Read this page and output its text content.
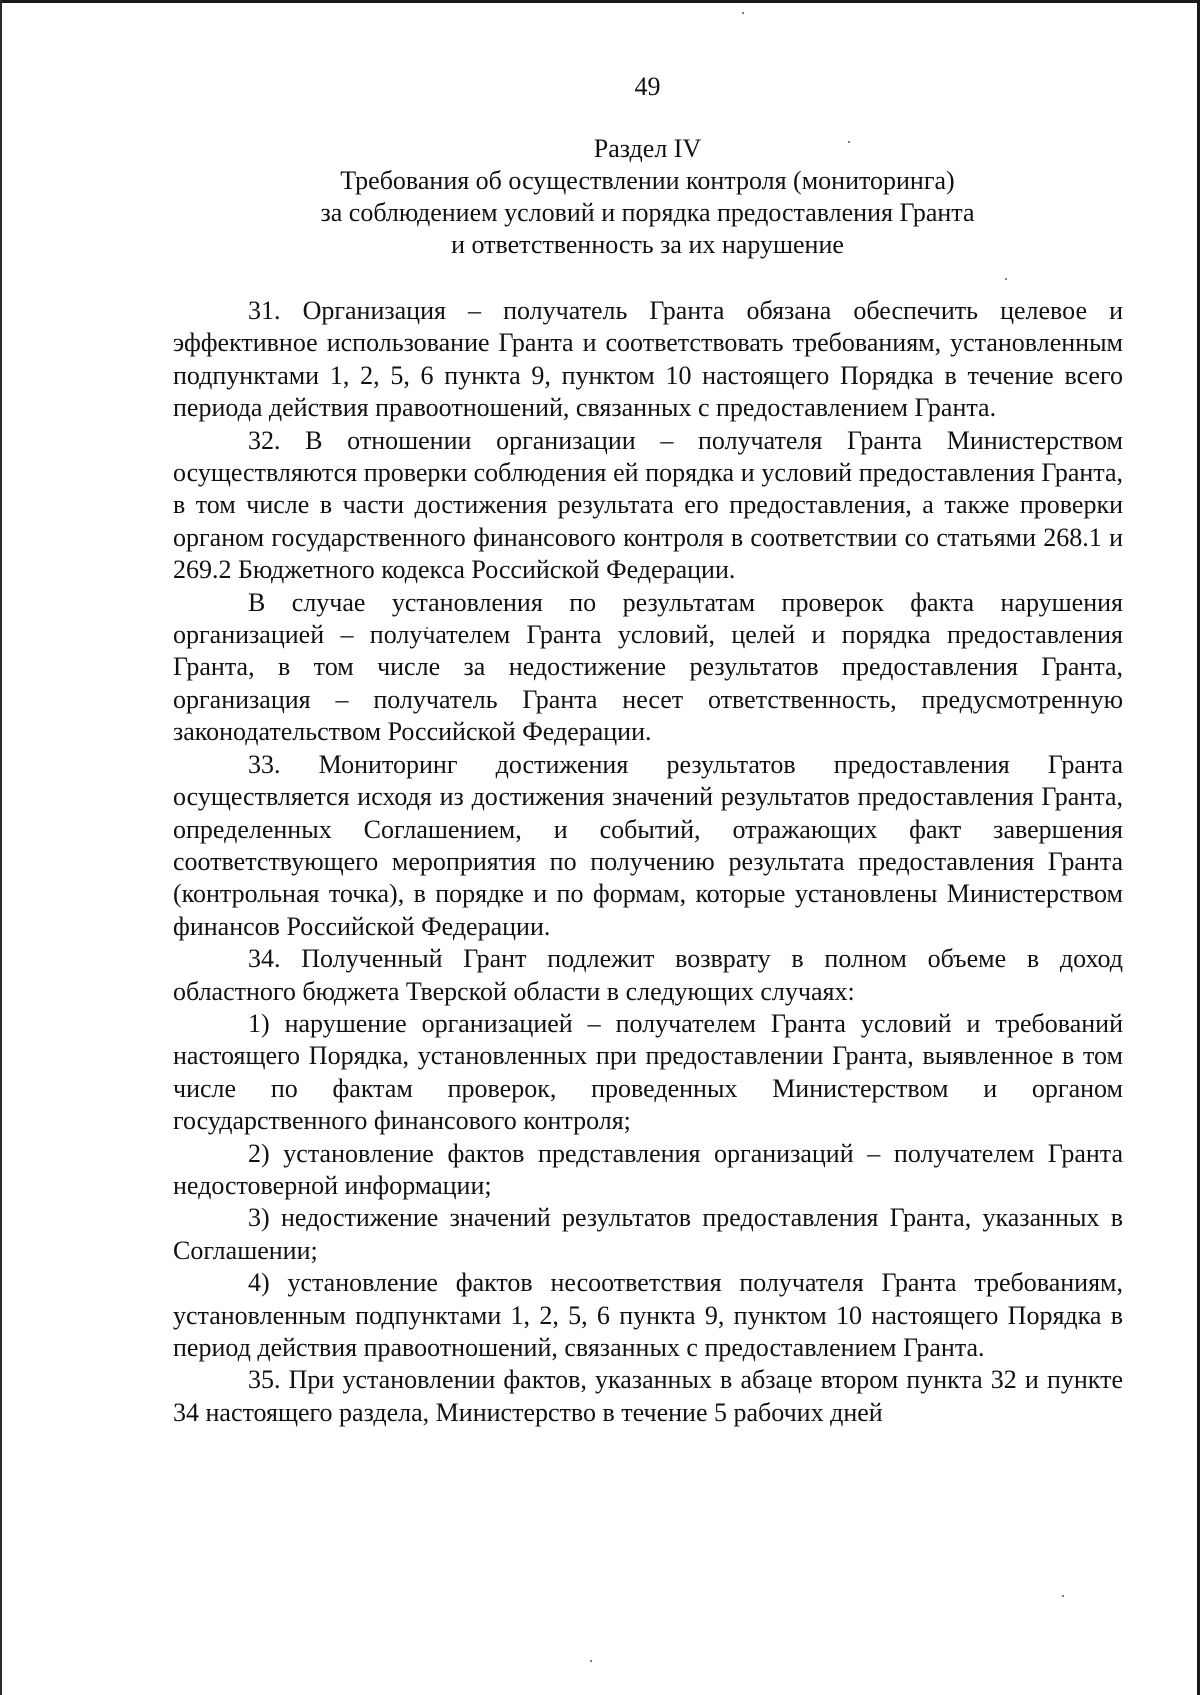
49
Раздел IV
Требования об осуществлении контроля (мониторинга)
за соблюдением условий и порядка предоставления Гранта
и ответственность за их нарушение

31. Организация – получатель Гранта обязана обеспечить целевое и эффективное использование Гранта и соответствовать требованиям, установленным подпунктами 1, 2, 5, 6 пункта 9, пунктом 10 настоящего Порядка в течение всего периода действия правоотношений, связанных с предоставлением Гранта.

32. В отношении организации – получателя Гранта Министерством осуществляются проверки соблюдения ей порядка и условий предоставления Гранта, в том числе в части достижения результата его предоставления, а также проверки органом государственного финансового контроля в соответствии со статьями 268.1 и 269.2 Бюджетного кодекса Российской Федерации.

В случае установления по результатам проверок факта нарушения организацией – получателем Гранта условий, целей и порядка предоставления Гранта, в том числе за недостижение результатов предоставления Гранта, организация – получатель Гранта несет ответственность, предусмотренную законодательством Российской Федерации.

33. Мониторинг достижения результатов предоставления Гранта осуществляется исходя из достижения значений результатов предоставления Гранта, определенных Соглашением, и событий, отражающих факт завершения соответствующего мероприятия по получению результата предоставления Гранта (контрольная точка), в порядке и по формам, которые установлены Министерством финансов Российской Федерации.

34. Полученный Грант подлежит возврату в полном объеме в доход областного бюджета Тверской области в следующих случаях:

1) нарушение организацией – получателем Гранта условий и требований настоящего Порядка, установленных при предоставлении Гранта, выявленное в том числе по фактам проверок, проведенных Министерством и органом государственного финансового контроля;

2) установление фактов представления организаций – получателем Гранта недостоверной информации;

3) недостижение значений результатов предоставления Гранта, указанных в Соглашении;

4) установление фактов несоответствия получателя Гранта требованиям, установленным подпунктами 1, 2, 5, 6 пункта 9, пунктом 10 настоящего Порядка в период действия правоотношений, связанных с предоставлением Гранта.

35. При установлении фактов, указанных в абзаце втором пункта 32 и пункте 34 настоящего раздела, Министерство в течение 5 рабочих дней
